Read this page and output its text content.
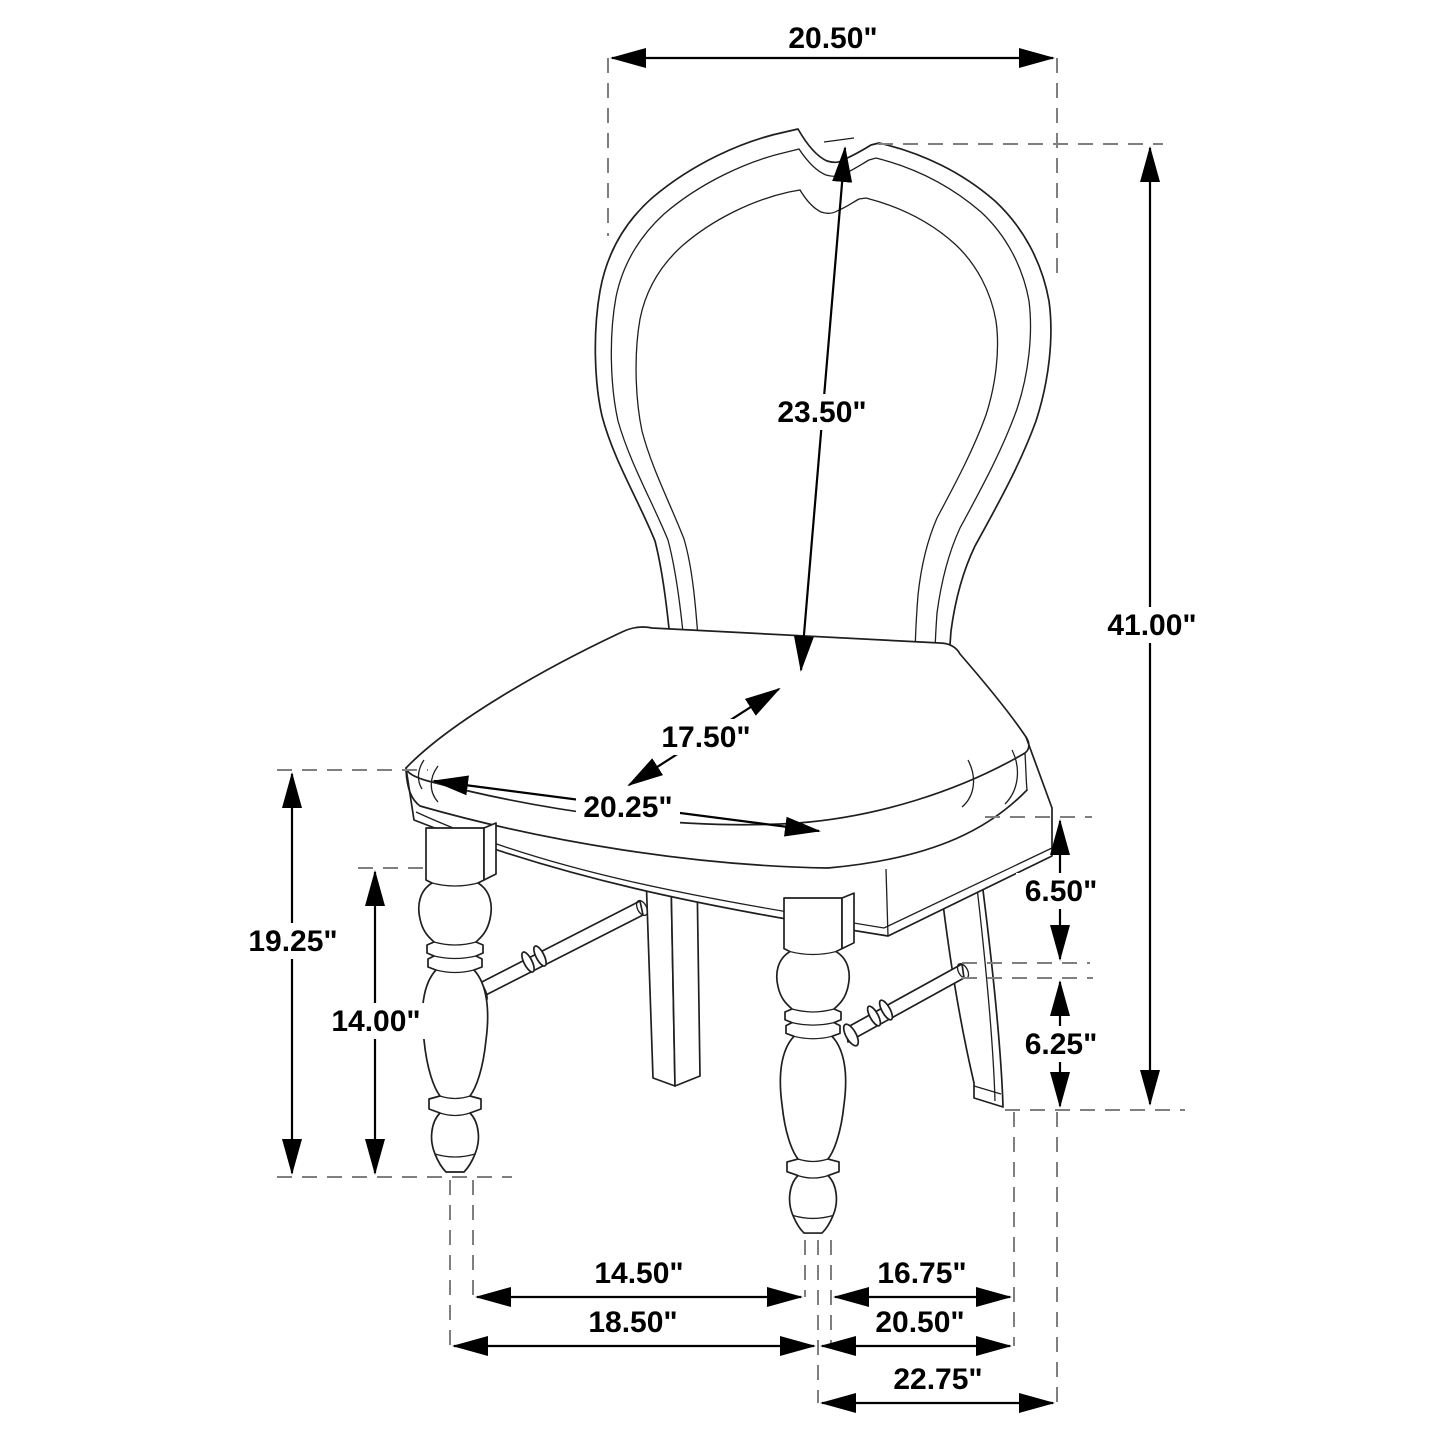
20.50"
23.50"
41.00"
17.50"
20.25"
19.25"
14.00"
6.50"
6.25"
14.50"	16.75"
18.50"	20.50"
22.75"
